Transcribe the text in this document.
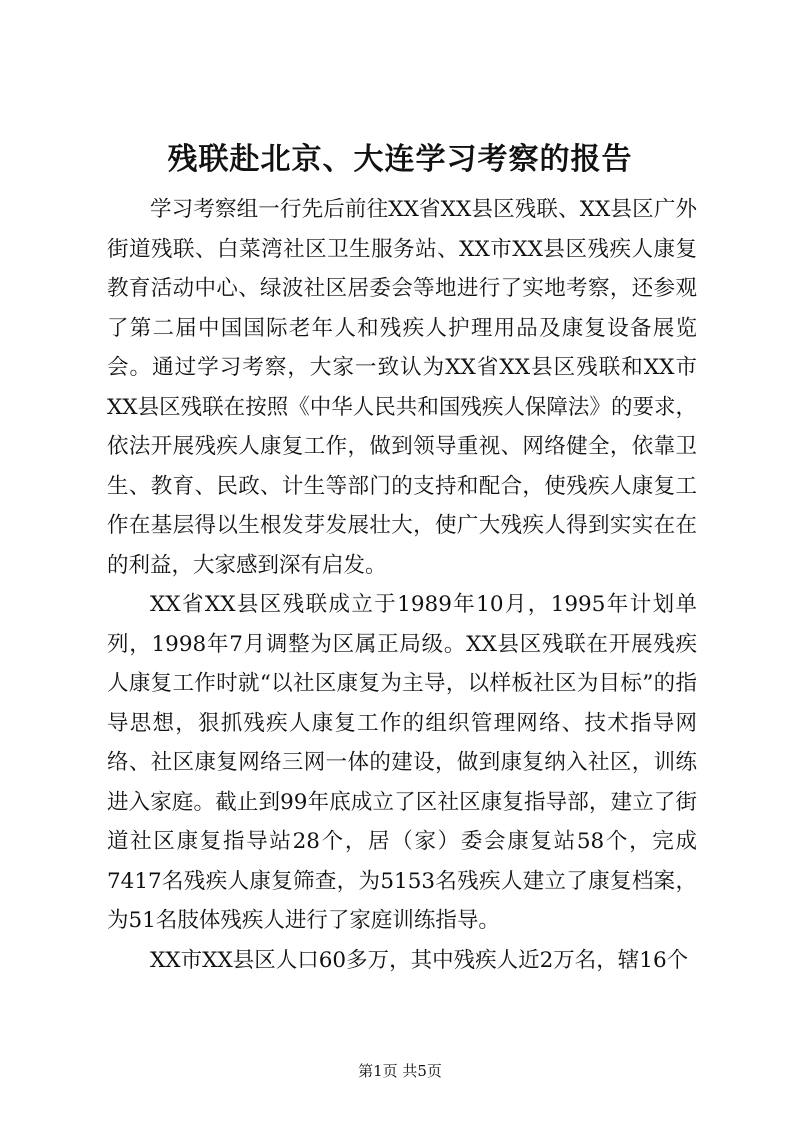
残联赴北京、大连学习考察的报告

学习考察组一行先后前往XX省XX县区残联、XX县区广外街道残联、白菜湾社区卫生服务站、XX市XX县区残疾人康复教育活动中心、绿波社区居委会等地进行了实地考察，还参观了第二届中国国际老年人和残疾人护理用品及康复设备展览会。通过学习考察，大家一致认为XX省XX县区残联和XX市XX县区残联在按照《中华人民共和国残疾人保障法》的要求，依法开展残疾人康复工作，做到领导重视、网络健全，依靠卫生、教育、民政、计生等部门的支持和配合，使残疾人康复工作在基层得以生根发芽发展壮大，使广大残疾人得到实实在在的利益，大家感到深有启发。

XX省XX县区残联成立于1989年10月，1995年计划单列，1998年7月调整为区属正局级。XX县区残联在开展残疾人康复工作时就“以社区康复为主导，以样板社区为目标”的指导思想，狠抓残疾人康复工作的组织管理网络、技术指导网络、社区康复网络三网一体的建设，做到康复纳入社区，训练进入家庭。截止到99年底成立了区社区康复指导部，建立了街道社区康复指导站28个，居（家）委会康复站58个，完成7417名残疾人康复筛查，为5153名残疾人建立了康复档案，为51名肢体残疾人进行了家庭训练指导。

XX市XX县区人口60多万，其中残疾人近2万名，辖16个

第1页 共5页
